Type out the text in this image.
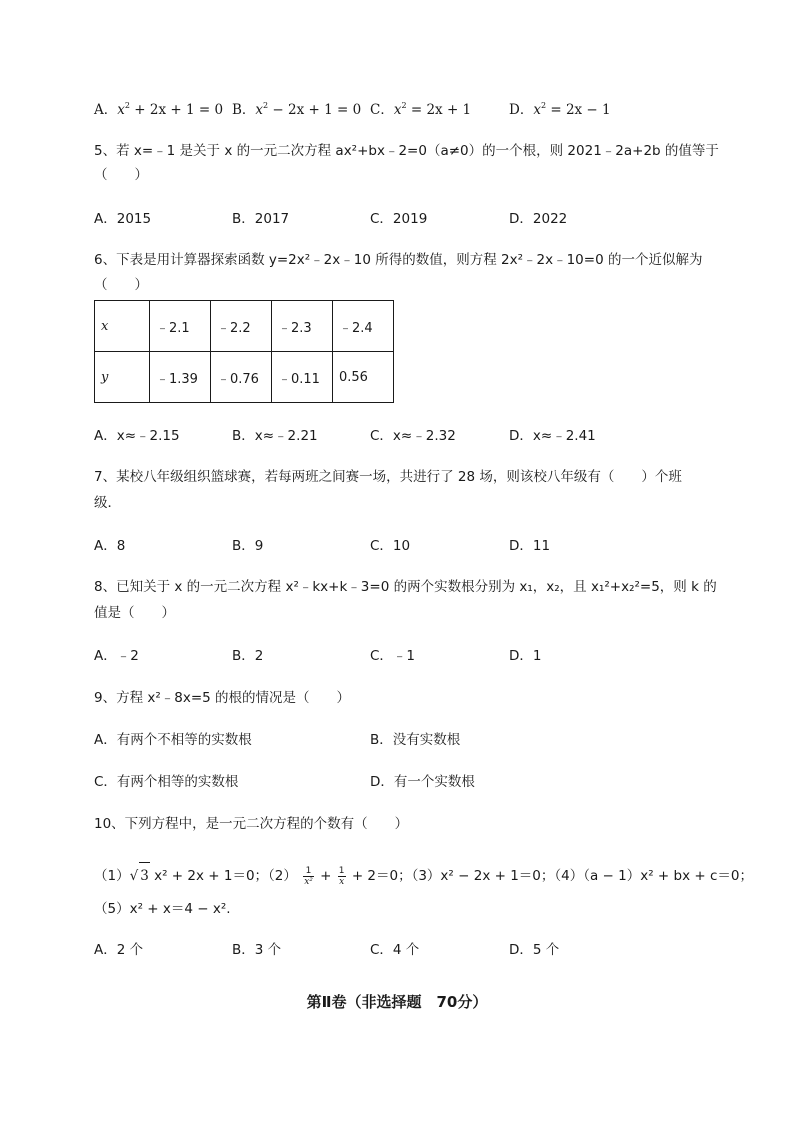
A．$x^2 + 2x + 1 = 0$ B．$x^2 - 2x + 1 = 0$ C．$x^2 = 2x + 1$	D．$x^2 = 2x - 1$
5、若 x=﹣1 是关于 x 的一元二次方程 ax²+bx﹣2=0（a≠0）的一个根，则 2021﹣2a+2b 的值等于
（　　）
A．2015	B．2017	C．2019	D．2022
6、下表是用计算器探索函数 y=2x²﹣2x﹣10 所得的数值，则方程 2x²﹣2x﹣10=0 的一个近似解为
（　　）
x	﹣2.1	﹣2.2	﹣2.3	﹣2.4
y	﹣1.39	﹣0.76	﹣0.11	0.56
A．x≈﹣2.15	B．x≈﹣2.21	C．x≈﹣2.32	D．x≈﹣2.41
7、某校八年级组织篮球赛，若每两班之间赛一场，共进行了 28 场，则该校八年级有（　　）个班
级．
A．8	B．9	C．10	D．11
8、已知关于 x 的一元二次方程 x²﹣kx+k﹣3=0 的两个实数根分别为 x₁，x₂，且 x₁²+x₂²=5，则 k 的
值是（　　）
A．﹣2	B．2	C．﹣1	D．1
9、方程 x²﹣8x=5 的根的情况是（　　）
A．有两个不相等的实数根	B．没有实数根
C．有两个相等的实数根	D．有一个实数根
10、下列方程中，是一元二次方程的个数有（　　）
（1）√ 3 x² + 2x + 1＝0；$(2) \frac{1}{\text{x²}} + \frac{1}{x} + 2=0$；（3）x² − 2x + 1＝0；（4）（a − 1）x² + bx + c＝0；
（5）x² + x＝4 − x².
A．2 个	B．3 个	C．4 个	D．5 个
第Ⅱ卷（非选择题　70分）
